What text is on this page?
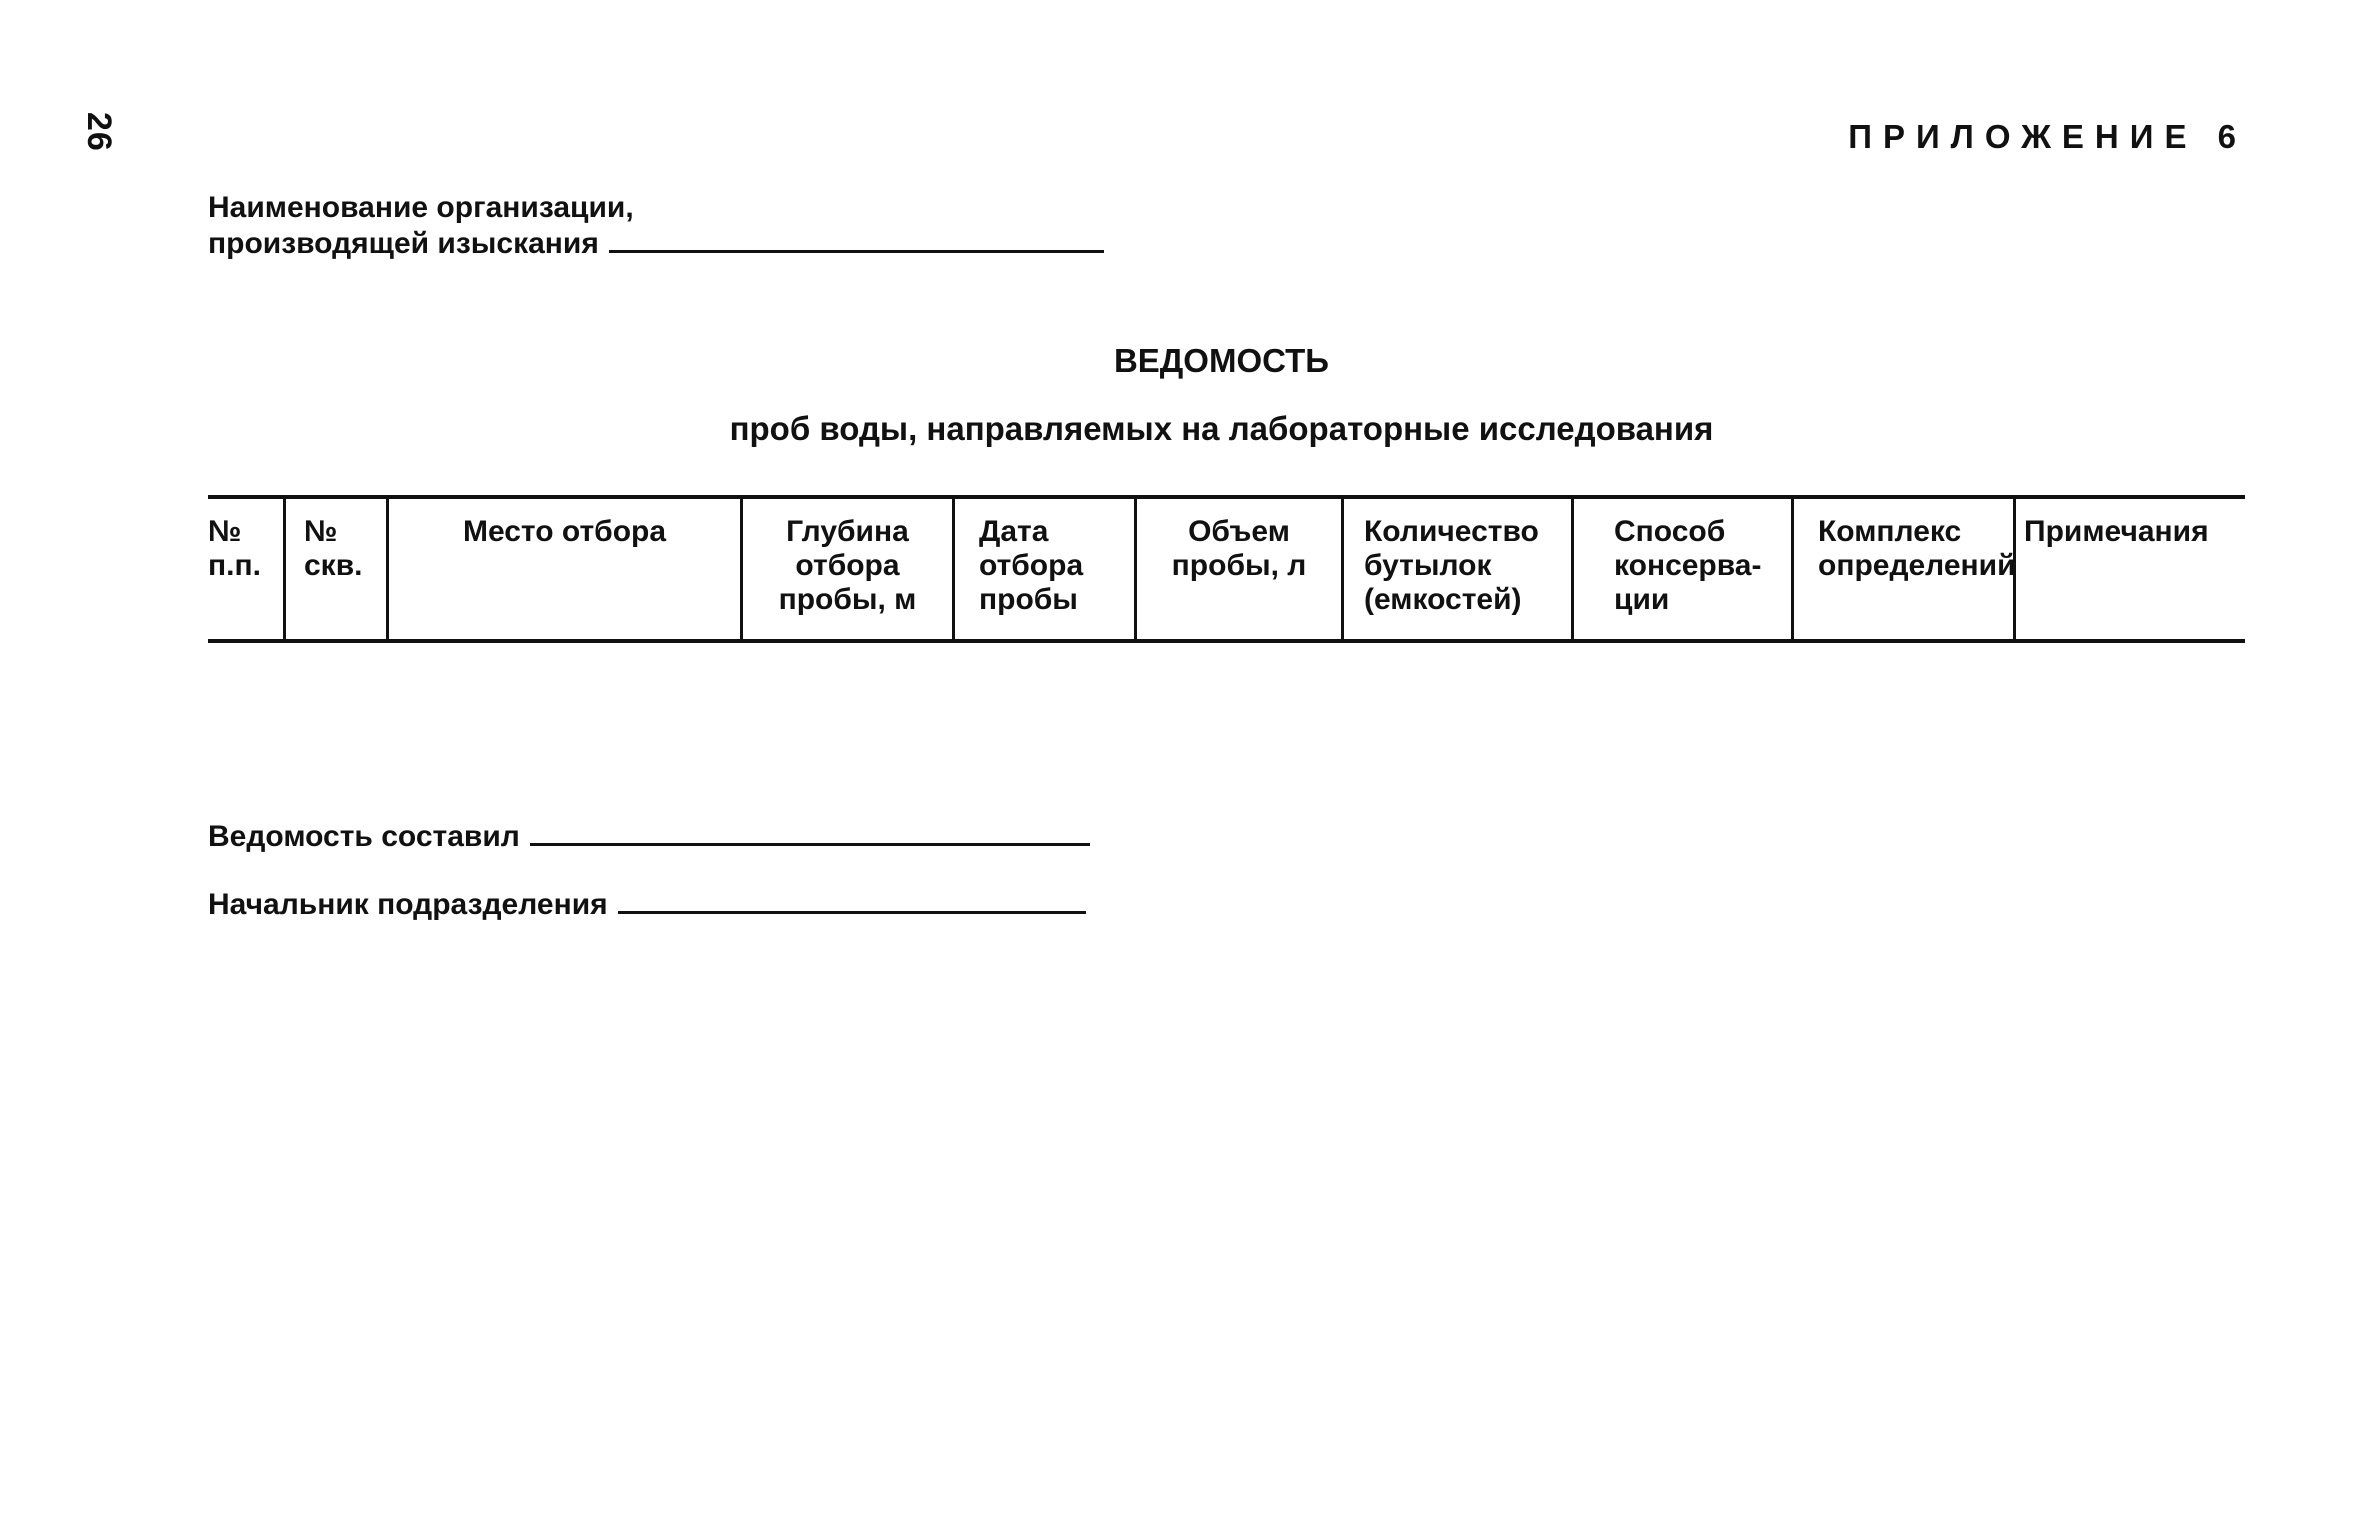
26	ПРИЛОЖЕНИЕ 6
Наименование организации,
производящей изыскания
ВЕДОМОСТЬ
проб воды, направляемых на лабораторные исследования
№
п.п.
№
скв.
Место отбора	Глубина
отбора
пробы, м
Дата
отбора
пробы
Объем
пробы, л
Количество
бутылок
(емкостей)
Способ
консерва-
ции
Комплекс
определений
Примечания
Ведомость составил
Начальник подразделения
